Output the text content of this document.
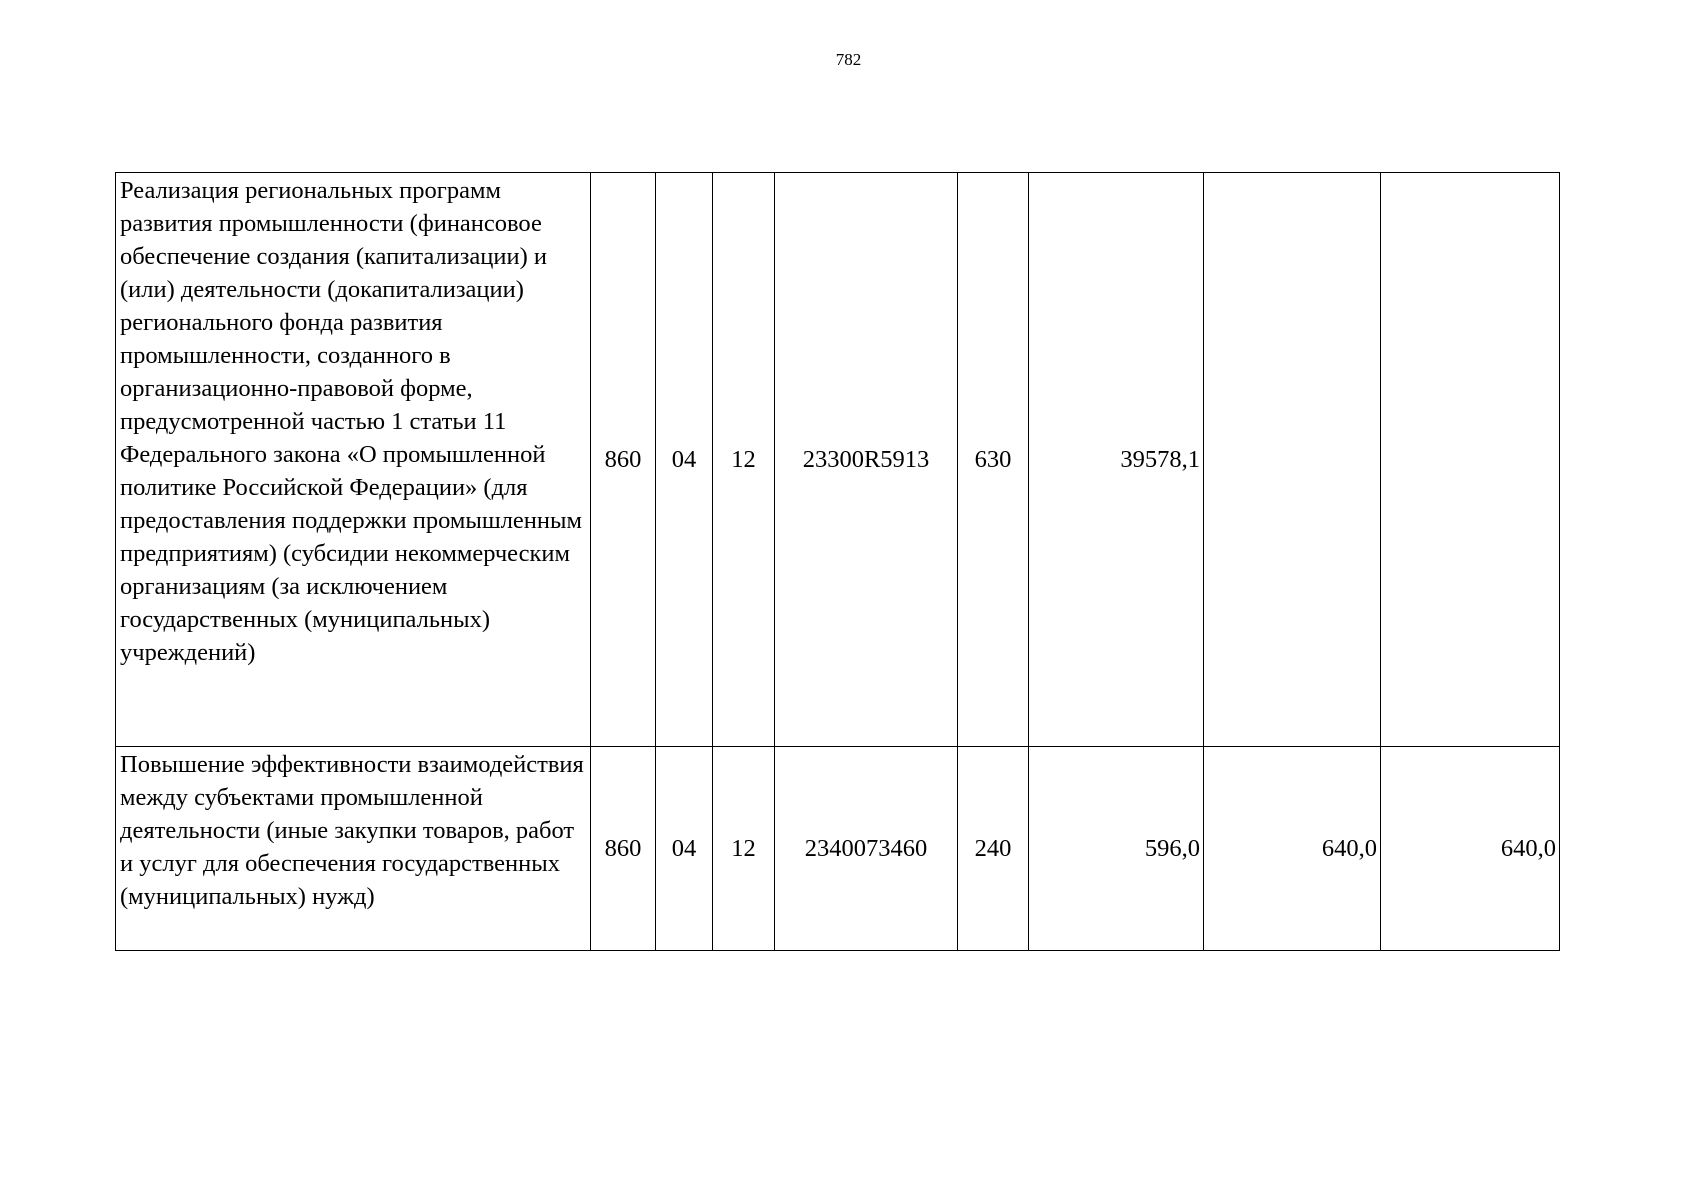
782
Реализация региональных программ развития промышленности (финансовое обеспечение создания (капитализации) и (или) деятельности (докапитализации) регионального фонда развития промышленности, созданного в организационно-правовой форме, предусмотренной частью 1 статьи 11 Федерального закона «О промышленной политике Российской Федерации» (для предоставления поддержки промышленным предприятиям) (субсидии некоммерческим организациям (за исключением государственных (муниципальных) учреждений)	860	04	12	23300R5913	630	39578,1		
Повышение эффективности взаимодействия между субъектами промышленной деятельности (иные закупки товаров, работ и услуг для обеспечения государственных (муниципальных) нужд)	860	04	12	2340073460	240	596,0	640,0	640,0
